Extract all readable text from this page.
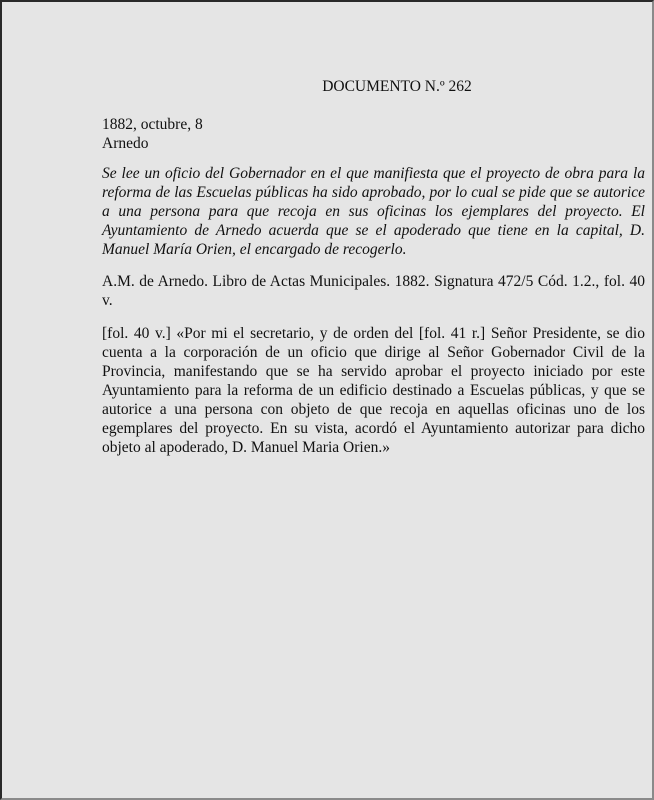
DOCUMENTO N.º 262
1882, octubre, 8
Arnedo
Se lee un oficio del Gobernador en el que manifiesta que el proyecto de obra para la reforma de las Escuelas públicas ha sido aprobado, por lo cual se pide que se autorice a una persona para que recoja en sus oficinas los ejemplares del proyecto. El Ayuntamiento de Arnedo acuerda que se el apoderado que tiene en la capital, D. Manuel María Orien, el encargado de recogerlo.
A.M. de Arnedo. Libro de Actas Municipales. 1882. Signatura 472/5 Cód. 1.2., fol. 40 v.
[fol. 40 v.] «Por mi el secretario, y de orden del [fol. 41 r.] Señor Presidente, se dio cuenta a la corporación de un oficio que dirige al Señor Gobernador Civil de la Provincia, manifestando que se ha servido aprobar el proyecto iniciado por este Ayuntamiento para la reforma de un edificio destinado a Escuelas públicas, y que se autorice a una persona con objeto de que recoja en aquellas oficinas uno de los egemplares del proyecto. En su vista, acordó el Ayuntamiento autorizar para dicho objeto al apoderado, D. Manuel Maria Orien.»
